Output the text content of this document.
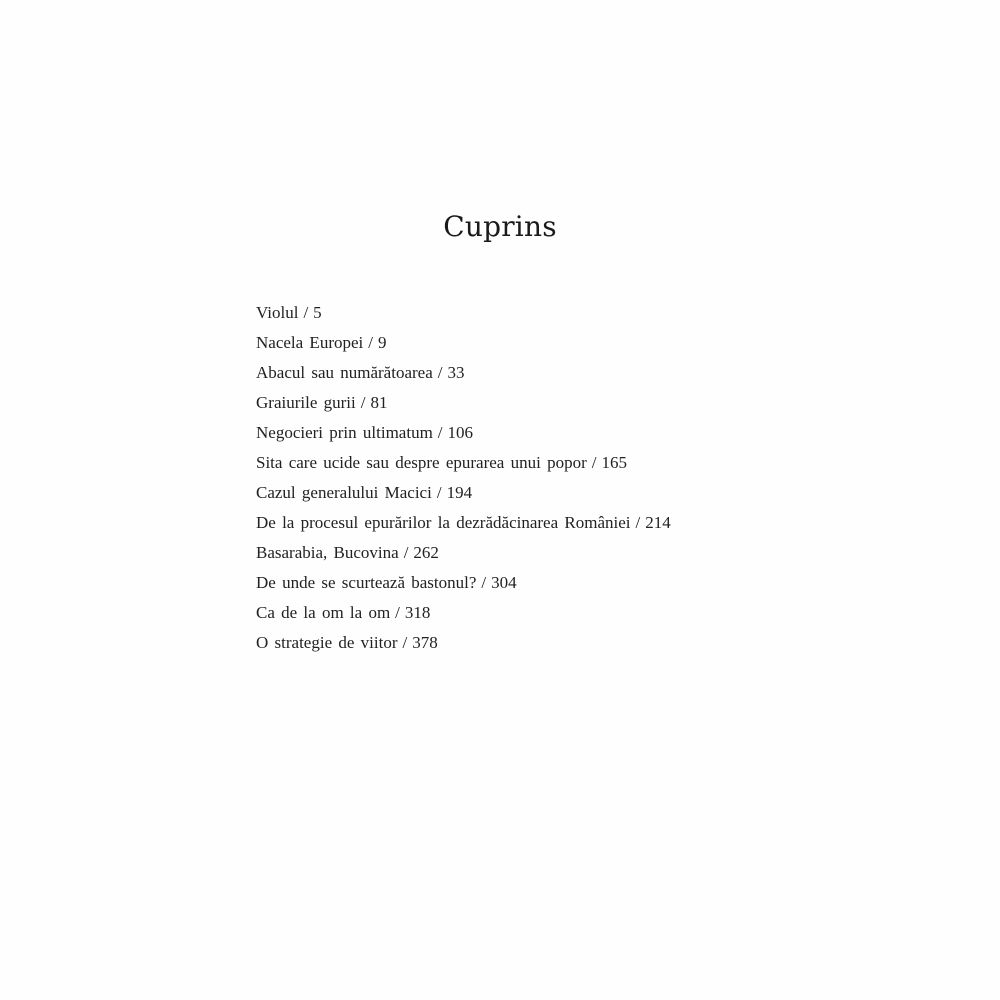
Cuprins
Violul / 5
Nacela Europei / 9
Abacul sau numărătoarea / 33
Graiurile gurii / 81
Negocieri prin ultimatum / 106
Sita care ucide sau despre epurarea unui popor / 165
Cazul generalului Macici / 194
De la procesul epurărilor la dezrădăcinarea României / 214
Basarabia, Bucovina / 262
De unde se scurtează bastonul? / 304
Ca de la om la om / 318
O strategie de viitor / 378
